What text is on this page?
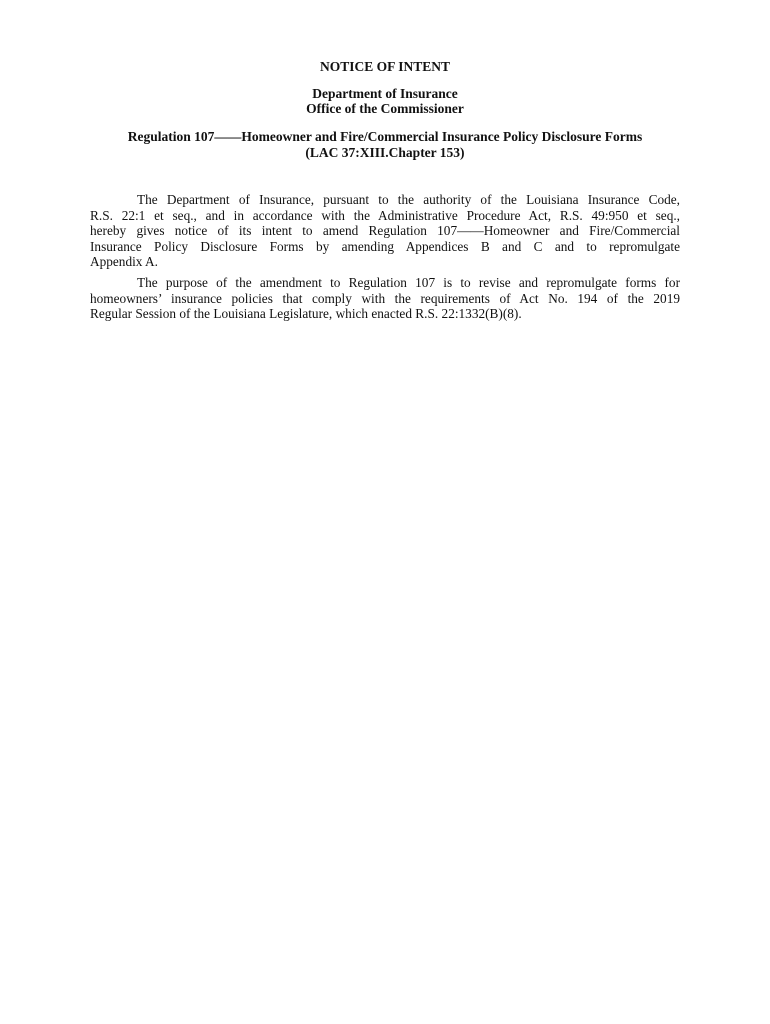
NOTICE OF INTENT
Department of Insurance
Office of the Commissioner
Regulation 107——Homeowner and Fire/Commercial Insurance Policy Disclosure Forms
(LAC 37:XIII.Chapter 153)
The Department of Insurance, pursuant to the authority of the Louisiana Insurance Code,
R.S. 22:1 et seq., and in accordance with the Administrative Procedure Act, R.S. 49:950 et seq.,
hereby gives notice of its intent to amend Regulation 107——Homeowner and Fire/Commercial
Insurance Policy Disclosure Forms by amending Appendices B and C and to repromulgate
Appendix A.
The purpose of the amendment to Regulation 107 is to revise and repromulgate forms for
homeowners’ insurance policies that comply with the requirements of Act No. 194 of the 2019
Regular Session of the Louisiana Legislature, which enacted R.S. 22:1332(B)(8).
